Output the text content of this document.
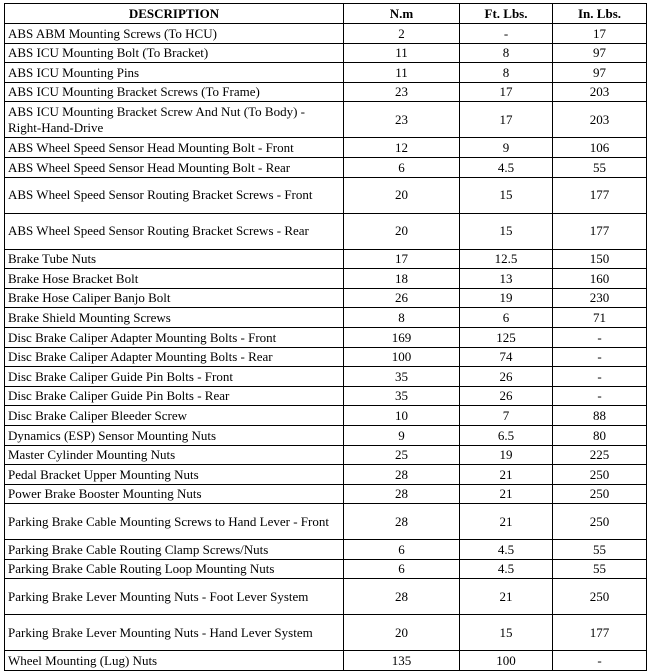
DESCRIPTION	N.m	Ft. Lbs.	In. Lbs.
ABS ABM Mounting Screws (To HCU)	2	-	17
ABS ICU Mounting Bolt (To Bracket)	11	8	97
ABS ICU Mounting Pins	11	8	97
ABS ICU Mounting Bracket Screws (To Frame)	23	17	203
ABS ICU Mounting Bracket Screw And Nut (To Body) - Right-Hand-Drive	23	17	203
ABS Wheel Speed Sensor Head Mounting Bolt - Front	12	9	106
ABS Wheel Speed Sensor Head Mounting Bolt - Rear	6	4.5	55
ABS Wheel Speed Sensor Routing Bracket Screws - Front	20	15	177
ABS Wheel Speed Sensor Routing Bracket Screws - Rear	20	15	177
Brake Tube Nuts	17	12.5	150
Brake Hose Bracket Bolt	18	13	160
Brake Hose Caliper Banjo Bolt	26	19	230
Brake Shield Mounting Screws	8	6	71
Disc Brake Caliper Adapter Mounting Bolts - Front	169	125	-
Disc Brake Caliper Adapter Mounting Bolts - Rear	100	74	-
Disc Brake Caliper Guide Pin Bolts - Front	35	26	-
Disc Brake Caliper Guide Pin Bolts - Rear	35	26	-
Disc Brake Caliper Bleeder Screw	10	7	88
Dynamics (ESP) Sensor Mounting Nuts	9	6.5	80
Master Cylinder Mounting Nuts	25	19	225
Pedal Bracket Upper Mounting Nuts	28	21	250
Power Brake Booster Mounting Nuts	28	21	250
Parking Brake Cable Mounting Screws to Hand Lever - Front	28	21	250
Parking Brake Cable Routing Clamp Screws/Nuts	6	4.5	55
Parking Brake Cable Routing Loop Mounting Nuts	6	4.5	55
Parking Brake Lever Mounting Nuts - Foot Lever System	28	21	250
Parking Brake Lever Mounting Nuts - Hand Lever System	20	15	177
Wheel Mounting (Lug) Nuts	135	100	-
